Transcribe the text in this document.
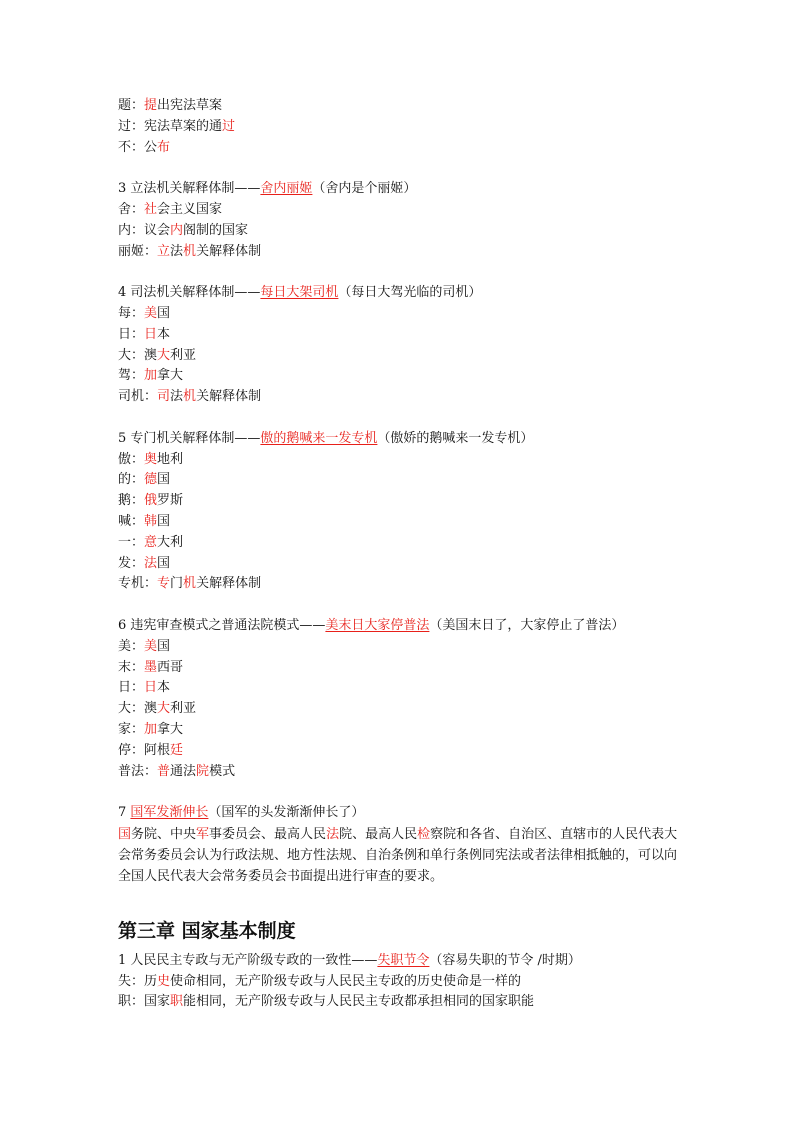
题：提出宪法草案
过：宪法草案的通过
不：公布
3 立法机关解释体制——舍内丽姬（舍内是个丽姬）
舍：社会主义国家
内：议会内阁制的国家
丽姬：立法机关解释体制
4 司法机关解释体制——每日大架司机（每日大驾光临的司机）
每：美国
日：日本
大：澳大利亚
驾：加拿大
司机：司法机关解释体制
5 专门机关解释体制——傲的鹅喊来一发专机（傲娇的鹅喊来一发专机）
傲：奥地利
的：德国
鹅：俄罗斯
喊：韩国
一：意大利
发：法国
专机：专门机关解释体制
6 违宪审查模式之普通法院模式——美末日大家停普法（美国末日了，大家停止了普法）
美：美国
末：墨西哥
日：日本
大：澳大利亚
家：加拿大
停：阿根廷
普法：普通法院模式
7 国军发渐伸长（国军的头发渐渐伸长了）
国务院、中央军事委员会、最高人民法院、最高人民检察院和各省、自治区、直辖市的人民代表大会常务委员会认为行政法规、地方性法规、自治条例和单行条例同宪法或者法律相抵触的，可以向全国人民代表大会常务委员会书面提出进行审查的要求。
第三章 国家基本制度
1 人民民主专政与无产阶级专政的一致性——失职节令（容易失职的节令 /时期）
失：历史使命相同，无产阶级专政与人民民主专政的历史使命是一样的
职：国家职能相同，无产阶级专政与人民民主专政都承担相同的国家职能
